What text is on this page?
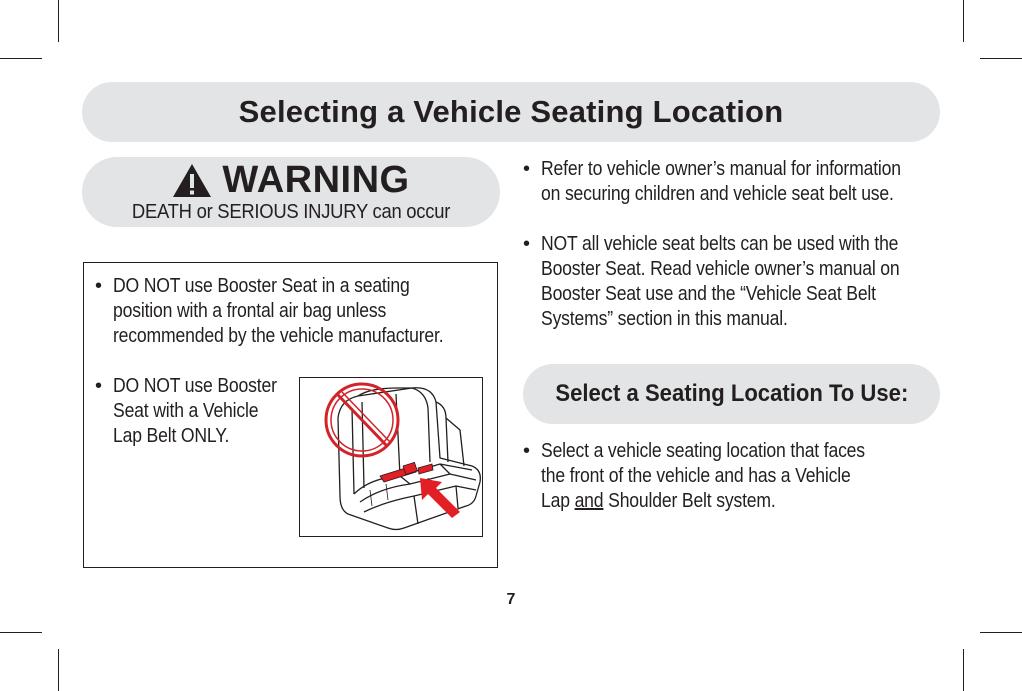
Selecting a Vehicle Seating Location
WARNING
DEATH or SERIOUS INJURY can occur
• DO NOT use Booster Seat in a seating
position with a frontal air bag unless
recommended by the vehicle manufacturer.
• DO NOT use Booster
Seat with a Vehicle
Lap Belt ONLY.
• Refer to vehicle owner’s manual for information
on securing children and vehicle seat belt use.
• NOT all vehicle seat belts can be used with the
Booster Seat. Read vehicle owner’s manual on
Booster Seat use and the “Vehicle Seat Belt
Systems” section in this manual.
Select a Seating Location To Use:
• Select a vehicle seating location that faces
the front of the vehicle and has a Vehicle
Lap and Shoulder Belt system.
7
